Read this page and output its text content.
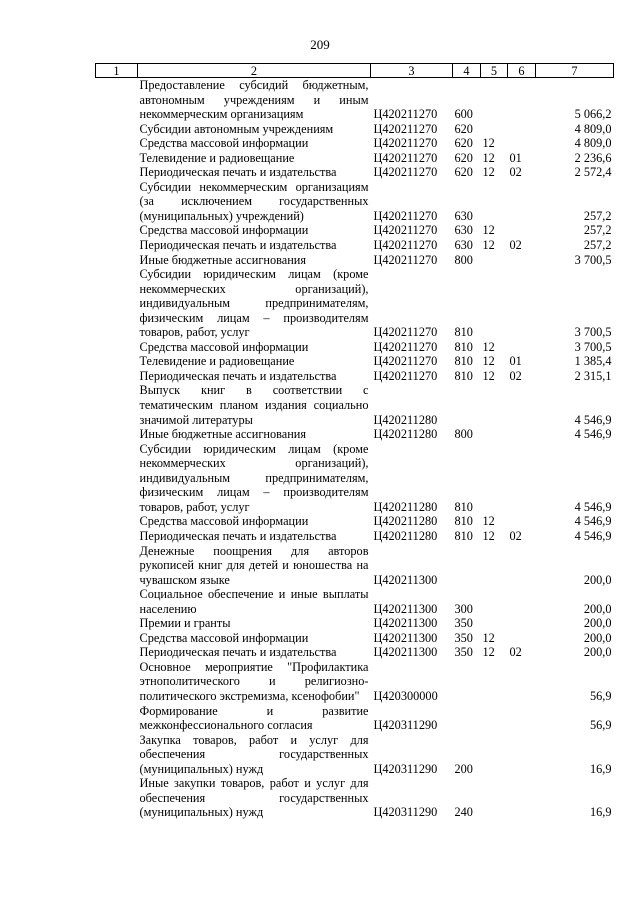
209
1	2	3	4	5	6	7
	Предоставление субсидий бюджетным, автономным учреждениям и иным некоммерческим организациям	Ц420211270	600			5 066,2
	Субсидии автономным учреждениям	Ц420211270	620			4 809,0
	Средства массовой информации	Ц420211270	620	12		4 809,0
	Телевидение и радиовещание	Ц420211270	620	12	01	2 236,6
	Периодическая печать и издательства	Ц420211270	620	12	02	2 572,4
	Субсидии некоммерческим организациям (за исключением государственных (муниципальных) учреждений)	Ц420211270	630			257,2
	Средства массовой информации	Ц420211270	630	12		257,2
	Периодическая печать и издательства	Ц420211270	630	12	02	257,2
	Иные бюджетные ассигнования	Ц420211270	800			3 700,5
	Субсидии юридическим лицам (кроме некоммерческих организаций), индивидуальным предпринимателям, физическим лицам – производителям товаров, работ, услуг	Ц420211270	810			3 700,5
	Средства массовой информации	Ц420211270	810	12		3 700,5
	Телевидение и радиовещание	Ц420211270	810	12	01	1 385,4
	Периодическая печать и издательства	Ц420211270	810	12	02	2 315,1
	Выпуск книг в соответствии с тематическим планом издания социально значимой литературы	Ц420211280				4 546,9
	Иные бюджетные ассигнования	Ц420211280	800			4 546,9
	Субсидии юридическим лицам (кроме некоммерческих организаций), индивидуальным предпринимателям, физическим лицам – производителям товаров, работ, услуг	Ц420211280	810			4 546,9
	Средства массовой информации	Ц420211280	810	12		4 546,9
	Периодическая печать и издательства	Ц420211280	810	12	02	4 546,9
	Денежные поощрения для авторов рукописей книг для детей и юношества на чувашском языке	Ц420211300				200,0
	Социальное обеспечение и иные выплаты населению	Ц420211300	300			200,0
	Премии и гранты	Ц420211300	350			200,0
	Средства массовой информации	Ц420211300	350	12		200,0
	Периодическая печать и издательства	Ц420211300	350	12	02	200,0
	Основное мероприятие "Профилактика этнополитического и религиозно-политического экстремизма, ксенофобии"	Ц420300000				56,9
	Формирование и развитие межконфессионального согласия	Ц420311290				56,9
	Закупка товаров, работ и услуг для обеспечения государственных (муниципальных) нужд	Ц420311290	200			16,9
	Иные закупки товаров, работ и услуг для обеспечения государственных (муниципальных) нужд	Ц420311290	240			16,9
